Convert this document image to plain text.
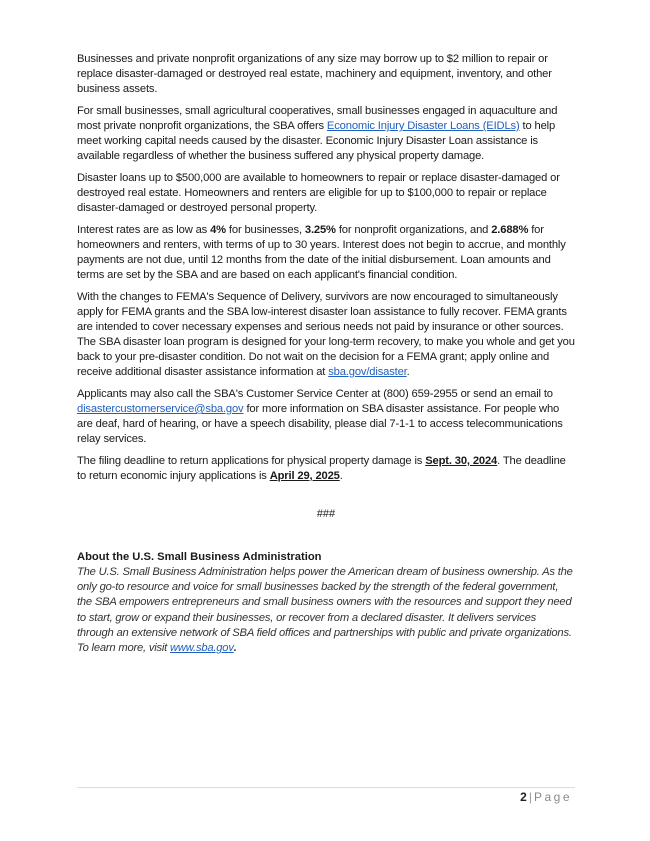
Businesses and private nonprofit organizations of any size may borrow up to $2 million to repair or replace disaster-damaged or destroyed real estate, machinery and equipment, inventory, and other business assets.

For small businesses, small agricultural cooperatives, small businesses engaged in aquaculture and most private nonprofit organizations, the SBA offers Economic Injury Disaster Loans (EIDLs) to help meet working capital needs caused by the disaster. Economic Injury Disaster Loan assistance is available regardless of whether the business suffered any physical property damage.

Disaster loans up to $500,000 are available to homeowners to repair or replace disaster-damaged or destroyed real estate. Homeowners and renters are eligible for up to $100,000 to repair or replace disaster-damaged or destroyed personal property.

Interest rates are as low as 4% for businesses, 3.25% for nonprofit organizations, and 2.688% for homeowners and renters, with terms of up to 30 years. Interest does not begin to accrue, and monthly payments are not due, until 12 months from the date of the initial disbursement. Loan amounts and terms are set by the SBA and are based on each applicant's financial condition.

With the changes to FEMA's Sequence of Delivery, survivors are now encouraged to simultaneously apply for FEMA grants and the SBA low-interest disaster loan assistance to fully recover. FEMA grants are intended to cover necessary expenses and serious needs not paid by insurance or other sources. The SBA disaster loan program is designed for your long-term recovery, to make you whole and get you back to your pre-disaster condition. Do not wait on the decision for a FEMA grant; apply online and receive additional disaster assistance information at sba.gov/disaster.

Applicants may also call the SBA's Customer Service Center at (800) 659-2955 or send an email to disastercustomerservice@sba.gov for more information on SBA disaster assistance. For people who are deaf, hard of hearing, or have a speech disability, please dial 7-1-1 to access telecommunications relay services.

The filing deadline to return applications for physical property damage is Sept. 30, 2024. The deadline to return economic injury applications is April 29, 2025.

###
About the U.S. Small Business Administration

The U.S. Small Business Administration helps power the American dream of business ownership. As the only go-to resource and voice for small businesses backed by the strength of the federal government, the SBA empowers entrepreneurs and small business owners with the resources and support they need to start, grow or expand their businesses, or recover from a declared disaster. It delivers services through an extensive network of SBA field offices and partnerships with public and private organizations. To learn more, visit www.sba.gov.

2 | Page
